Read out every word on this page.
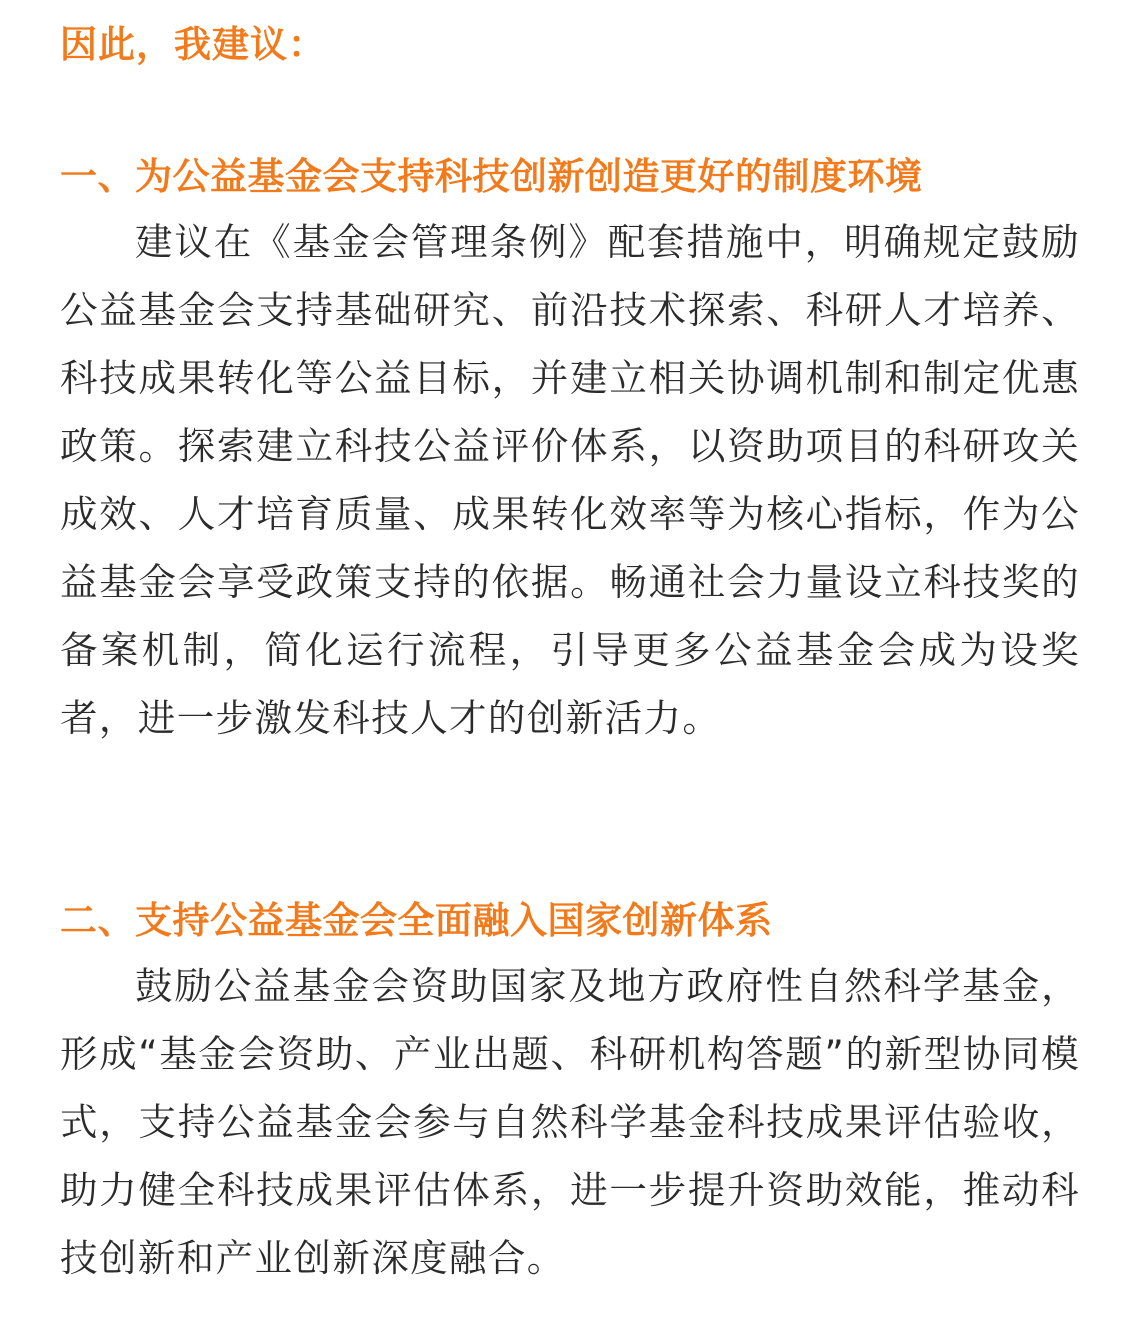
因此，我建议：

一、为公益基金会支持科技创新创造更好的制度环境

建议在《基金会管理条例》配套措施中，明确规定鼓励公益基金会支持基础研究、前沿技术探索、科研人才培养、科技成果转化等公益目标，并建立相关协调机制和制定优惠政策。探索建立科技公益评价体系，以资助项目的科研攻关成效、人才培育质量、成果转化效率等为核心指标，作为公益基金会享受政策支持的依据。畅通社会力量设立科技奖的备案机制，简化运行流程，引导更多公益基金会成为设奖者，进一步激发科技人才的创新活力。

二、支持公益基金会全面融入国家创新体系

鼓励公益基金会资助国家及地方政府性自然科学基金，形成“基金会资助、产业出题、科研机构答题”的新型协同模式，支持公益基金会参与自然科学基金科技成果评估验收，助力健全科技成果评估体系，进一步提升资助效能，推动科技创新和产业创新深度融合。
